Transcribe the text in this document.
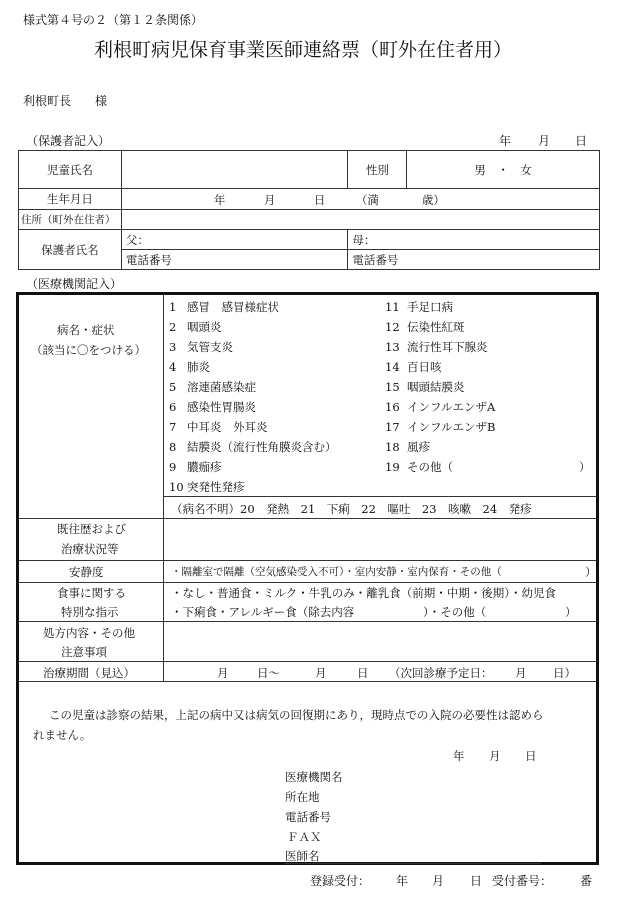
様式第４号の２（第１２条関係）
利根町病児保育事業医師連絡票（町外在住者用）
利根町長　　様
（保護者記入）	年 月 日
児童氏名		性別	男　・　女
生年月日	年 月 日 （満 歳）		

住所（町外在住者）			
保護者氏名	父：	母：	
	電話番号	電話番号	
（医療機関記入）
病名・症状
（該当に〇をつける）
1 感冒　感冒様症状
2 咽頭炎
3 気管支炎
4 肺炎
5 溶連菌感染症
6 感染性胃腸炎
7 中耳炎　外耳炎
8 結膜炎（流行性角膜炎含む）
9 膿痂疹
10 突発性発疹
11 手足口病
12 伝染性紅斑
13 流行性耳下腺炎
14 百日咳
15 咽頭結膜炎
16 インフルエンザA
17 インフルエンザB
18 風疹
19 その他（	）
（病名不明）20　発熱　21　下痢　22　嘔吐　23　咳嗽　24　発疹
既往歴および
治療状況等
安静度	・隔離室で隔離（空気感染受入不可）・室内安静・室内保育・その他（	）
食事に関する
特別な指示
・なし・普通食・ミルク・牛乳のみ・離乳食（前期・中期・後期）・幼児食
・下痢食・アレルギー食（除去内容	）・その他（	）
処方内容・その他
注意事項
治療期間（見込）	月 日〜	月	日 （次回診療予定日： 月 日）
この児童は診察の結果，上記の病中又は病気の回復期にあり，現時点での入院の必要性は認めら
れません。
年 月 日
医療機関名
所在地
電話番号
ＦＡＸ
医師名
登録受付： 年 月 日 受付番号： 番
